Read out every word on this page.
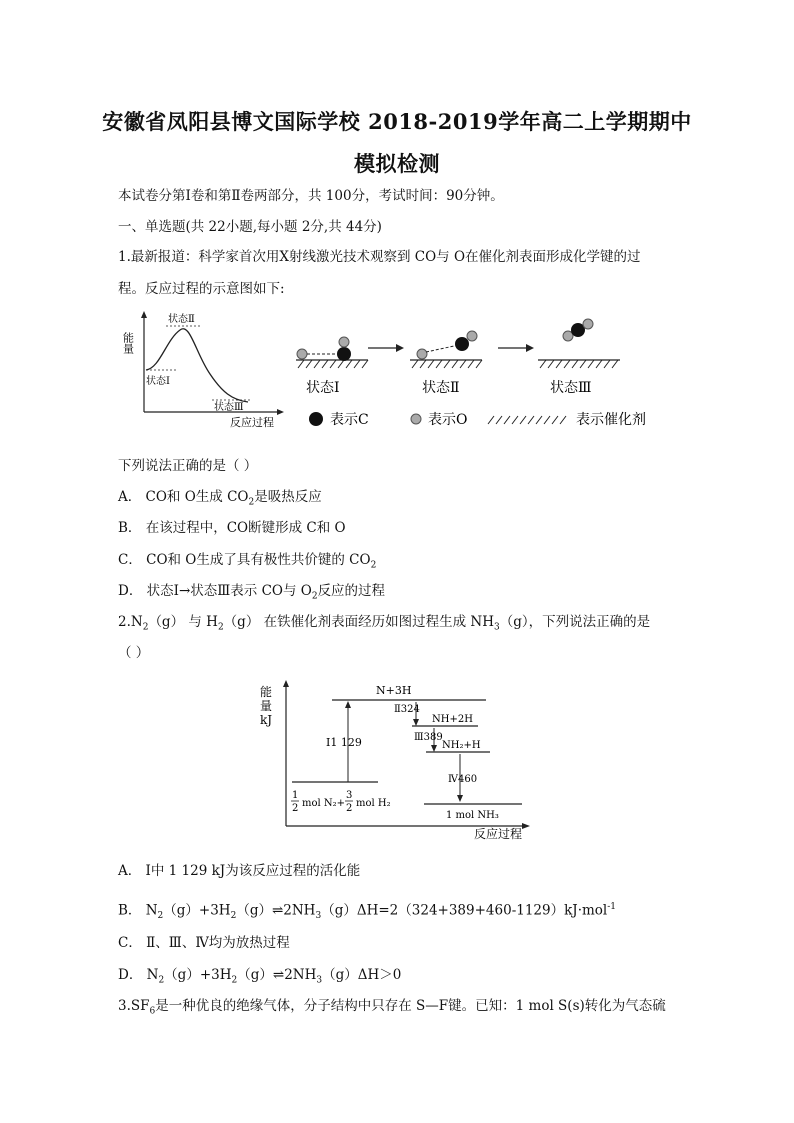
安徽省凤阳县博文国际学校 2018-2019学年高二上学期期中
模拟检测
本试卷分第Ⅰ卷和第Ⅱ卷两部分，共 100分，考试时间：90分钟。
一、单选题(共 22小题,每小题 2分,共 44分)
1.最新报道：科学家首次用X射线激光技术观察到 CO与 O在催化剂表面形成化学键的过
程。反应过程的示意图如下:
能量
反应过程
状态Ⅰ
状态Ⅱ
状态Ⅲ
状态Ⅰ	状态Ⅱ	状态Ⅲ
表示C	表示O	表示催化剂
下列说法正确的是（ ）
A． CO和 O生成 $CO_2$是吸热反应
B． 在该过程中，CO断键形成 C和 O
C． CO和 O生成了具有极性共价键的 $CO_2$
D． 状态Ⅰ→状态Ⅲ表示 CO与 $O_2$反应的过程
$2.N_2(g)$ 与 $H_2(g)$ 在铁催化剂表面经历如图过程生成 $NH_3(g)$，下列说法正确的是
（ ）
能
量
kJ
反应过程
N+3H
Ⅰ1 129
1
2 mol N₂+
3
2 mol H₂
Ⅱ324
NH+2H
Ⅲ389
NH₂+H
Ⅳ460
1 mol NH₃
A． Ⅰ中 1 129 kJ为该反应过程的活化能
B． $N_2(g)+3H_2(g)\rightleftharpoons 2NH_3(g)\Delta H=2(324+389+460-1129)kJ\cdot mol^{-1}$
C． Ⅱ、Ⅲ、Ⅳ均为放热过程
D． $N_2(g)+3H_2(g)\rightleftharpoons 2NH_3(g)\Delta H>0$
$3.SF_6$是一种优良的绝缘气体，分子结构中只存在 S—F键。已知：1 mol S(s)转化为气态硫
